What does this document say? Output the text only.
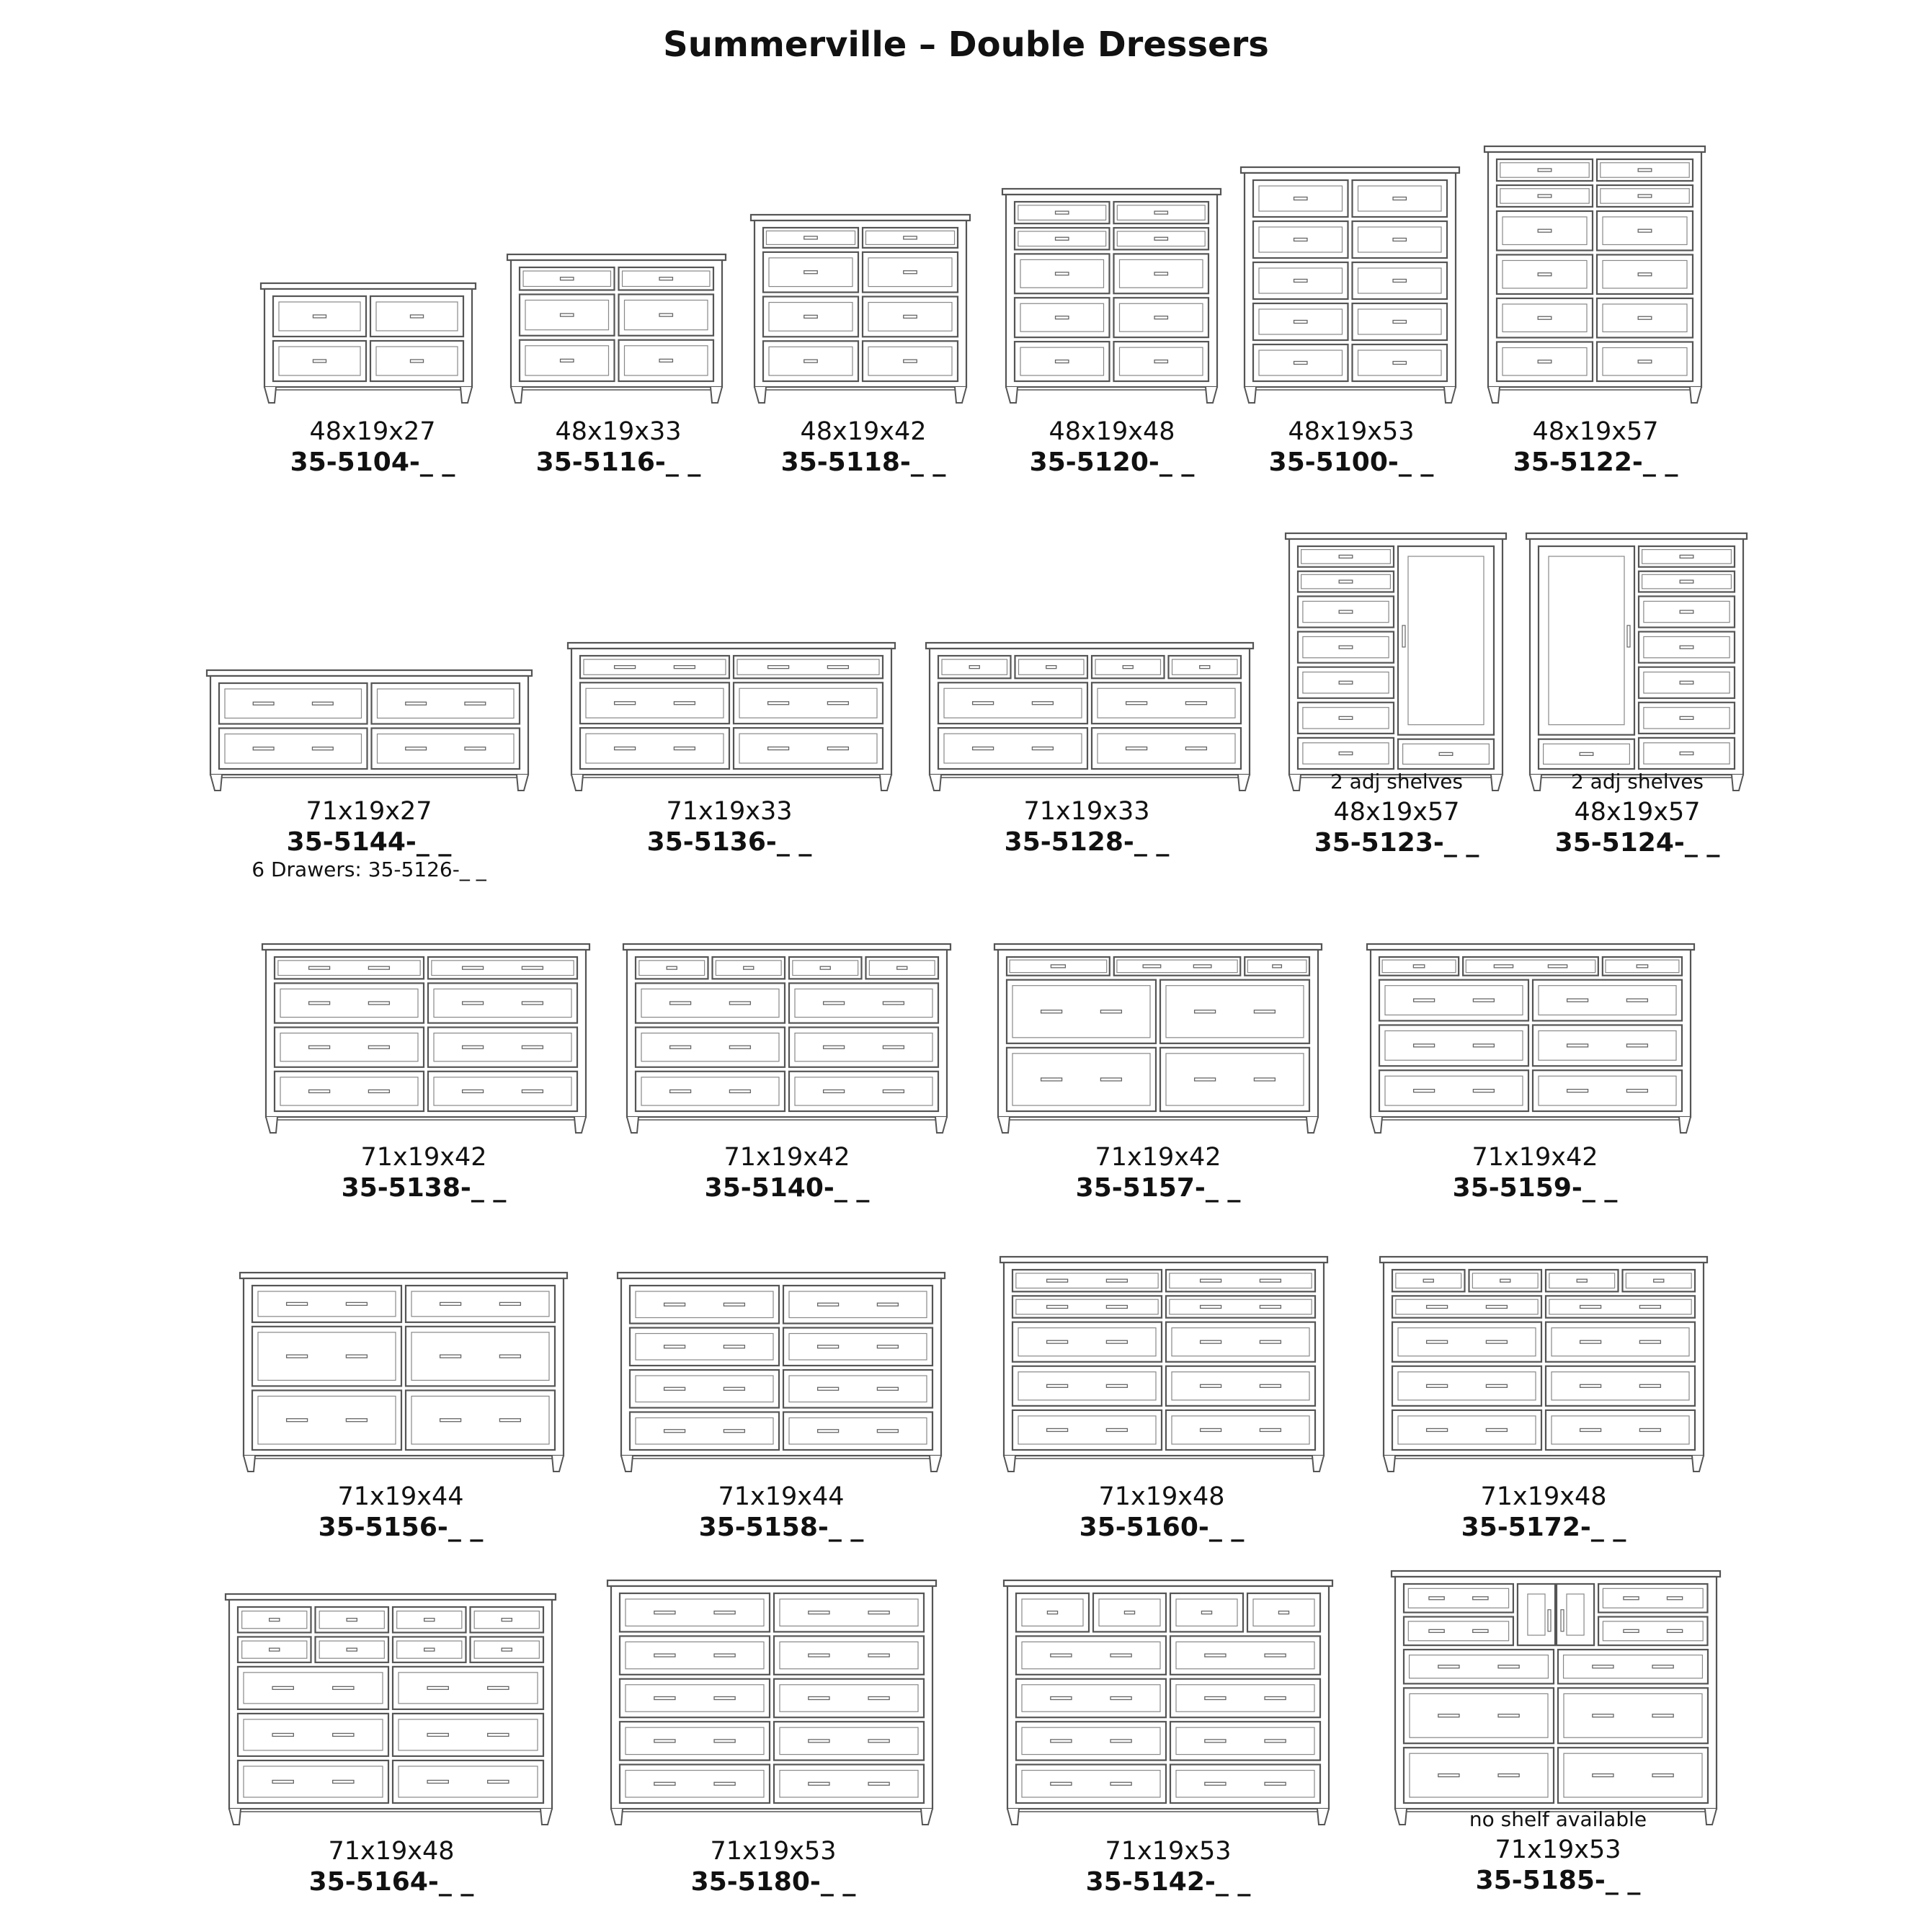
Summerville – Double Dressers
48x19x27
35-5104-_ _
48x19x33
35-5116-_ _
48x19x42
35-5118-_ _
48x19x48
35-5120-_ _
48x19x53
35-5100-_ _
48x19x57
35-5122-_ _
71x19x27
35-5144-_ _
6 Drawers: 35-5126-_ _
71x19x33
35-5136-_ _
71x19x33
35-5128-_ _
2 adj shelves
48x19x57
35-5123-_ _
2 adj shelves
48x19x57
35-5124-_ _
71x19x42
35-5138-_ _
71x19x42
35-5140-_ _
71x19x42
35-5157-_ _
71x19x42
35-5159-_ _
71x19x44
35-5156-_ _
71x19x44
35-5158-_ _
71x19x48
35-5160-_ _
71x19x48
35-5172-_ _
71x19x48
35-5164-_ _
71x19x53
35-5180-_ _
71x19x53
35-5142-_ _
no shelf available
71x19x53
35-5185-_ _
